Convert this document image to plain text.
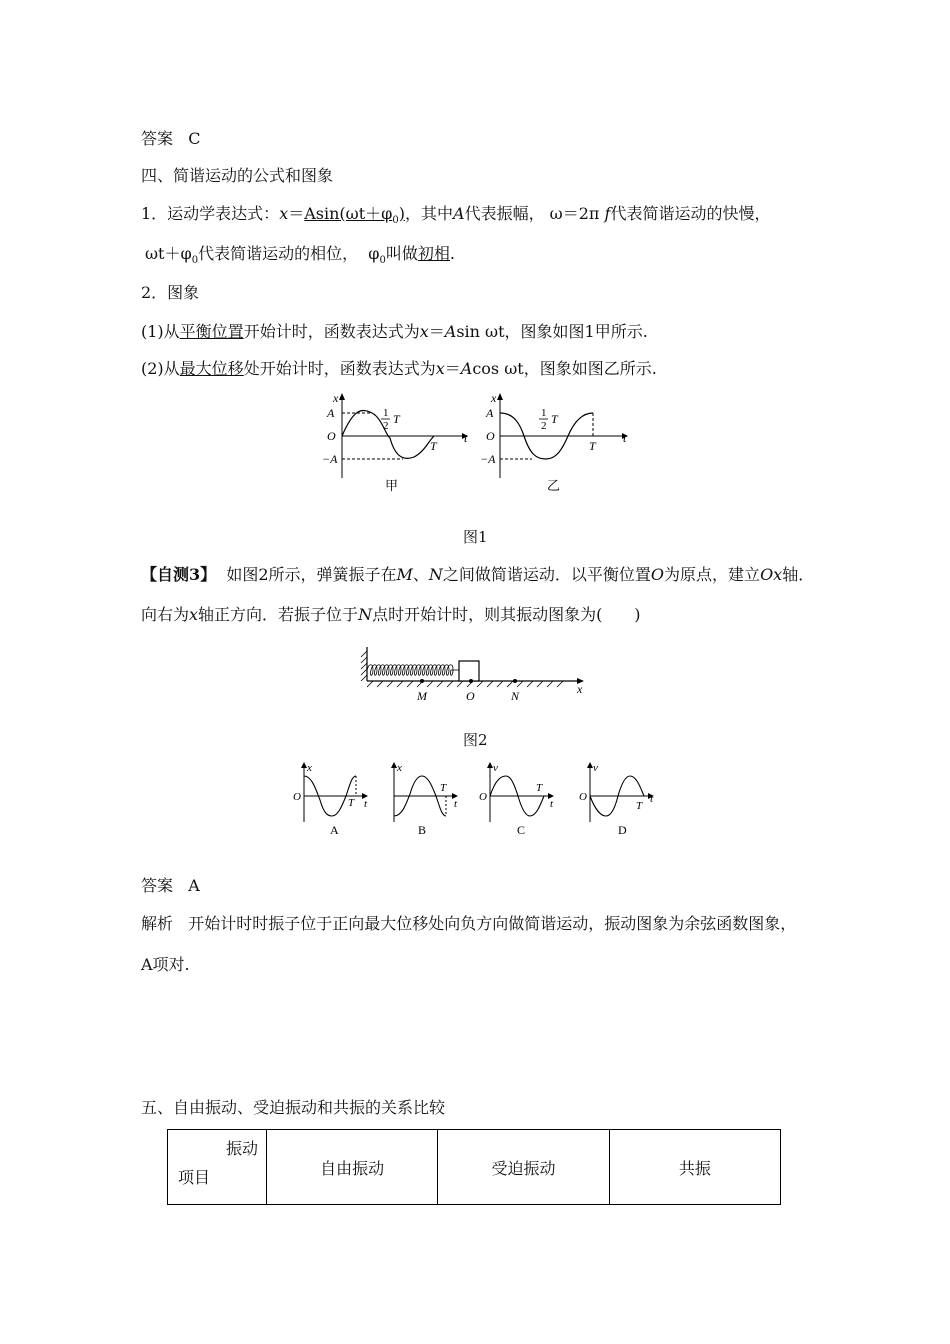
答案 C
四、简谐运动的公式和图象
1．运动学表达式：$x=Asin(\omega t+\varphi_0)$，其中A代表振幅， ω＝2π f代表简谐运动的快慢，
$\omega t+\varphi_0$代表简谐运动的相位， $\varphi_0$叫做初相.
2．图象
(1)从平衡位置开始计时，函数表达式为x＝Asin ωt，图象如图1甲所示.
(2)从最大位移处开始计时，函数表达式为x＝Acos ωt，图象如图乙所示.
x
A
O
−A
1
2 T
T
t
甲
x
A
O
−A
1
2 T
T
t
乙
图1
【自测3】 如图2所示，弹簧振子在M、N之间做简谐运动．以平衡位置O为原点，建立Ox轴．
向右为x轴正方向．若振子位于N点时开始计时，则其振动图象为(　　)
M	O	N	x
图2
x
O	T t
A
x
T
t
B
v
O
T
t
C
v
O
T
t
D
答案 A
解析 开始计时时振子位于正向最大位移处向负方向做简谐运动，振动图象为余弦函数图象，
A项对.
五、自由振动、受迫振动和共振的关系比较
振动
项目	自由振动	受迫振动	共振
